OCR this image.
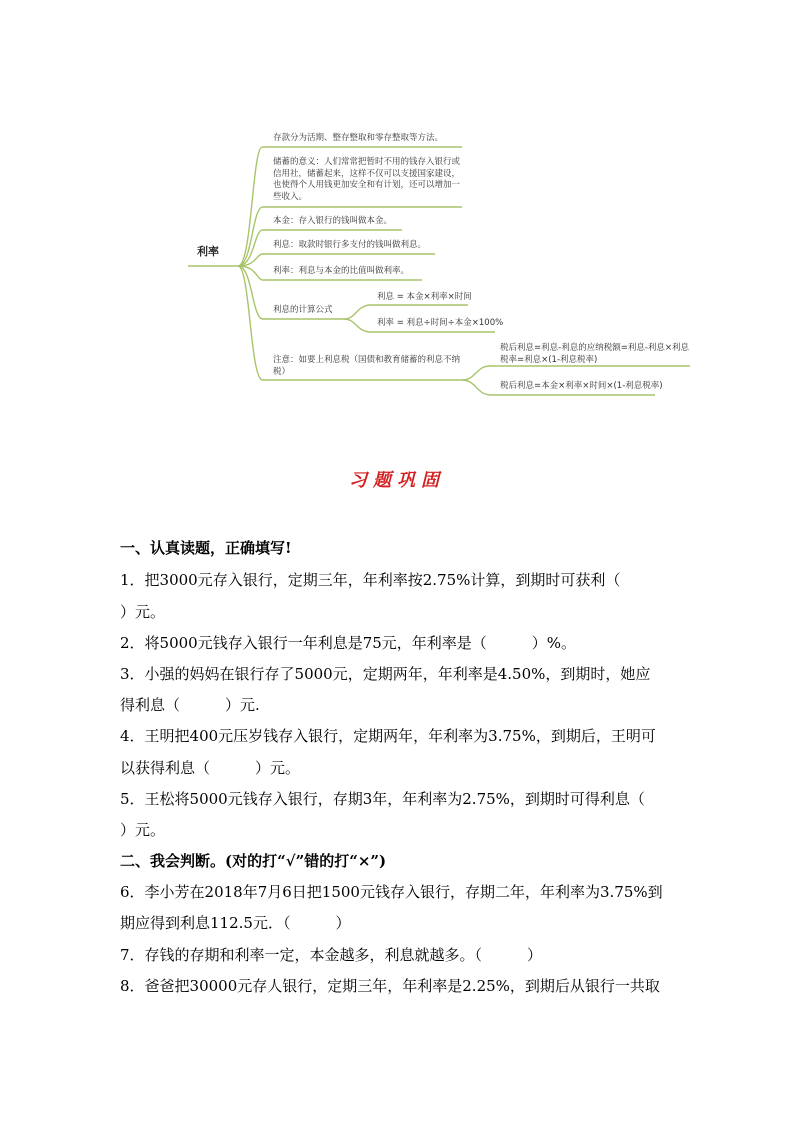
利率
存款分为活期、整存整取和零存整取等方法。
储蓄的意义：人们常常把暂时不用的钱存入银行或信用社，储蓄起来，这样不仅可以支援国家建设，也使得个人用钱更加安全和有计划，还可以增加一些收入。
本金：存入银行的钱叫做本金。
利息：取款时银行多支付的钱叫做利息。
利率：利息与本金的比值叫做利率。
利息的计算公式
利息 = 本金×利率×时间
利率 = 利息÷时间÷本金×100%
注意：如要上利息税（国债和教育储蓄的利息不纳税）
税后利息=利息-利息的应纳税额=利息-利息×利息税率=利息×(1-利息税率)
税后利息=本金×利率×时间×(1-利息税率)
习题巩固
一、认真读题，正确填写!
1．把3000元存入银行，定期三年，年利率按2.75%计算，到期时可获利（
）元。
2．将5000元钱存入银行一年利息是75元，年利率是（　　　）%。
3．小强的妈妈在银行存了5000元，定期两年，年利率是4.50%，到期时，她应
得利息（　　　）元.
4．王明把400元压岁钱存入银行，定期两年，年利率为3.75%，到期后，王明可
以获得利息（　　　）元。
5．王松将5000元钱存入银行，存期3年，年利率为2.75%，到期时可得利息（
）元。
二、我会判断。(对的打“√”错的打“×”)
6．李小芳在2018年7月6日把1500元钱存入银行，存期二年，年利率为3.75%到
期应得到利息112.5元．（　　　）
7．存钱的存期和利率一定，本金越多，利息就越多。（　　　）
8．爸爸把30000元存人银行，定期三年，年利率是2.25%，到期后从银行一共取
